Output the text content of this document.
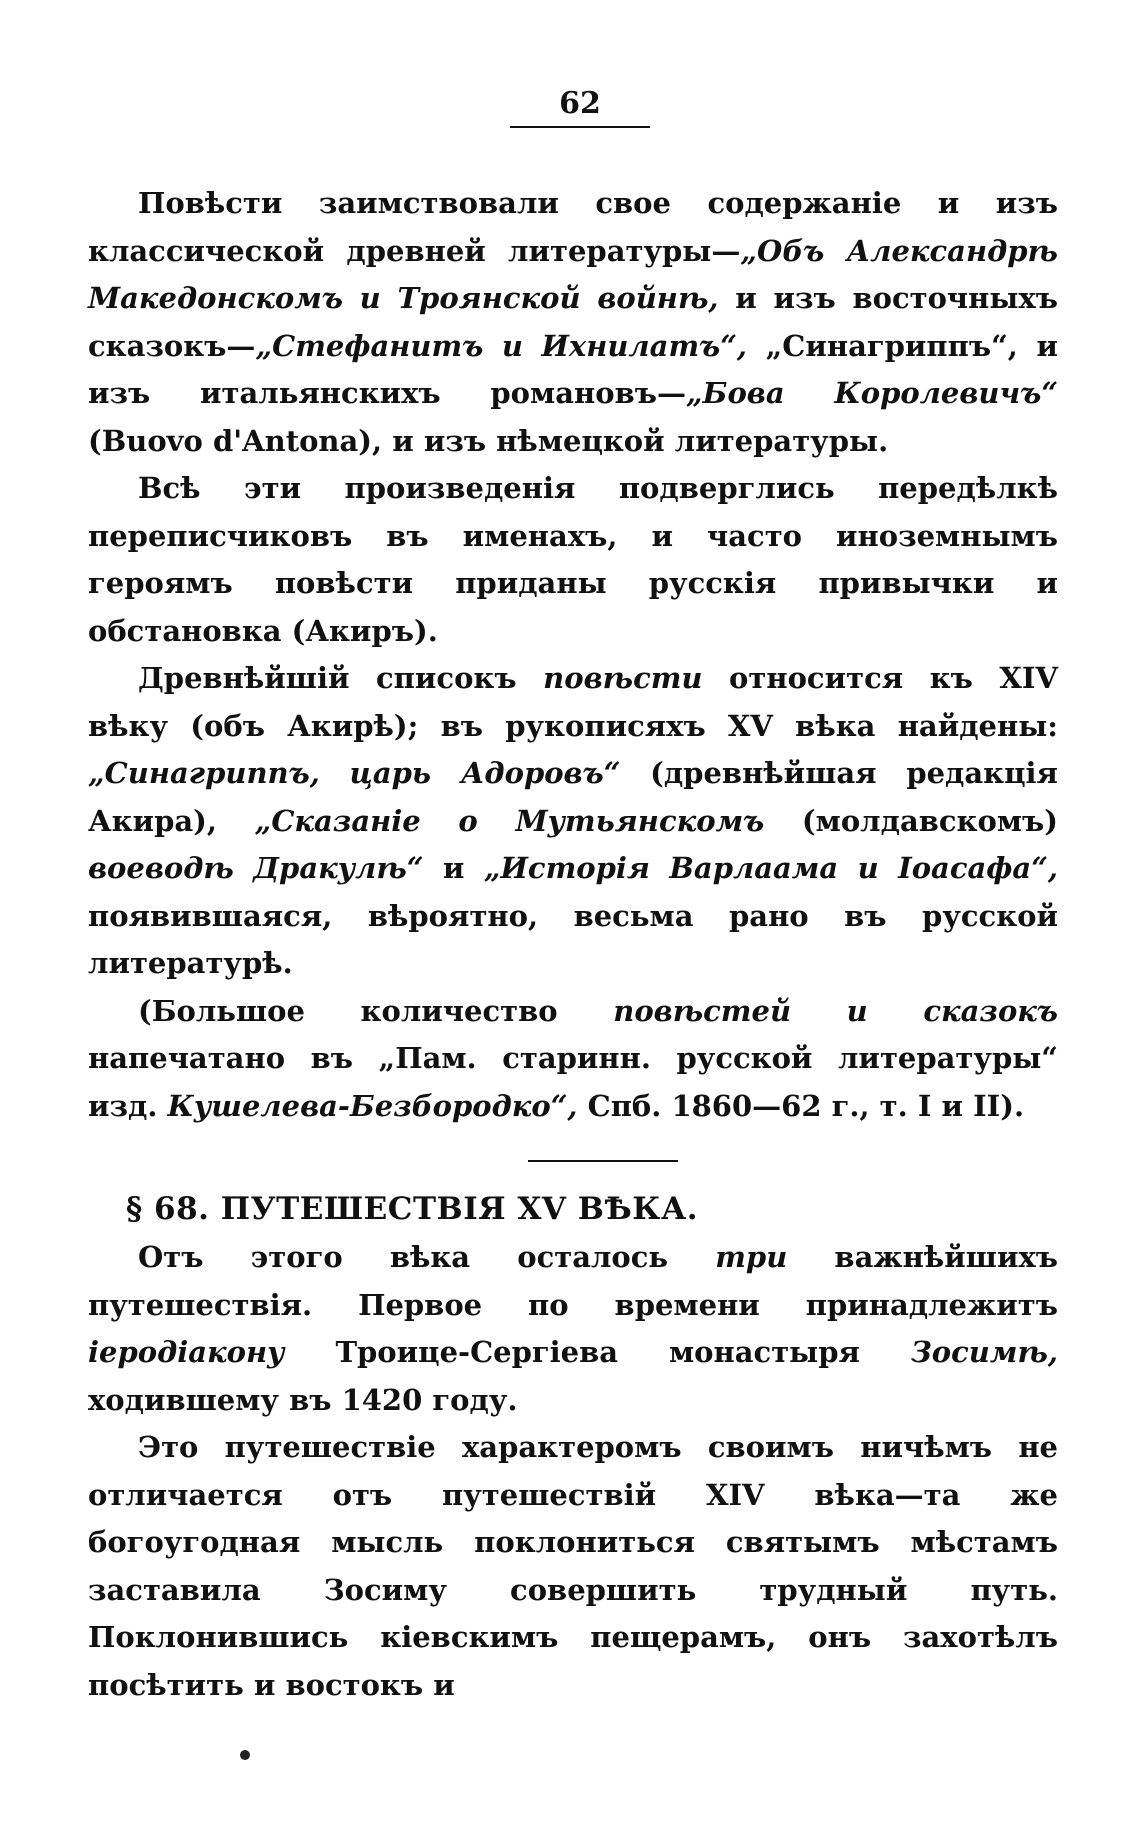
62

Повѣсти заимствовали свое содержаніе и изъ классической древней литературы—„Объ Александрѣ Македонскомъ и Троянской войнѣ, и изъ восточныхъ сказокъ—„Стефанитъ и Ихнилатъ“, „Синагриппъ“, и изъ итальянскихъ романовъ—„Бова Королевичъ“ (Buovo d'Antona), и изъ нѣмецкой литературы.

Всѣ эти произведенія подверглись передѣлкѣ переписчиковъ въ именахъ, и часто иноземнымъ героямъ повѣсти приданы русскія привычки и обстановка (Акиръ).

Древнѣйшій списокъ повѣсти относится къ XIV вѣку (объ Акирѣ); въ рукописяхъ XV вѣка найдены: „Синагриппъ, царь Адоровъ“ (древнѣйшая редакція Акира), „Сказаніе о Мутьянскомъ (молдавскомъ) воеводѣ Дракулѣ“ и „Исторія Варлаама и Іоасафа“, появившаяся, вѣроятно, весьма рано въ русской литературѣ.

(Большое количество повѣстей и сказокъ напечатано въ „Пам. старинн. русской литературы“ изд. Кушелева-Безбородко“, Спб. 1860—62 г., т. I и II).

§ 68. ПУТЕШЕСТВІЯ XV ВѢКА.

Отъ этого вѣка осталось три важнѣйшихъ путешествія. Первое по времени принадлежитъ іеродіакону Троице-Сергіева монастыря Зосимѣ, ходившему въ 1420 году.

Это путешествіе характеромъ своимъ ничѣмъ не отличается отъ путешествій XIV вѣка—та же богоугодная мысль поклониться святымъ мѣстамъ заставила Зосиму совершить трудный путь. Поклонившись кіевскимъ пещерамъ, онъ захотѣлъ посѣтить и востокъ и
